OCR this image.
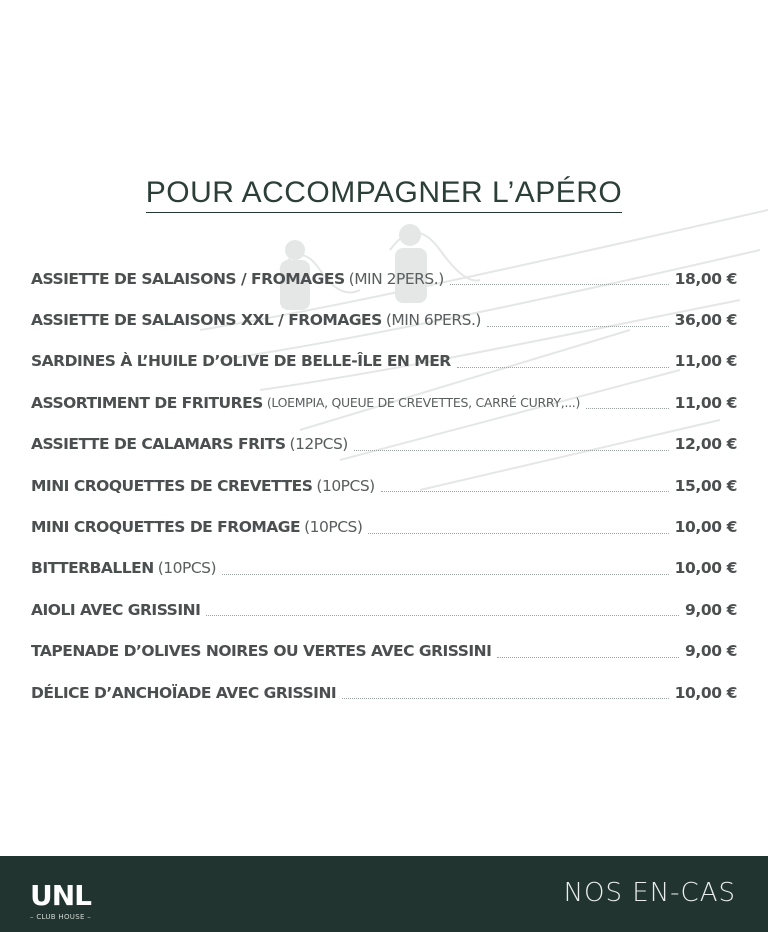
POUR ACCOMPAGNER L’APÉRO
ASSIETTE DE SALAISONS / FROMAGES (MIN 2PERS.)	18,00 €
ASSIETTE DE SALAISONS XXL / FROMAGES (MIN 6PERS.)	36,00 €
SARDINES À L’HUILE D’OLIVE DE BELLE-ÎLE EN MER	11,00 €
ASSORTIMENT DE FRITURES (LOEMPIA, QUEUE DE CREVETTES, CARRÉ CURRY,...)	11,00 €
ASSIETTE DE CALAMARS FRITS (12PCS)	12,00 €
MINI CROQUETTES DE CREVETTES (10PCS)	15,00 €
MINI CROQUETTES DE FROMAGE (10PCS)	10,00 €
BITTERBALLEN (10PCS)	10,00 €
AIOLI AVEC GRISSINI	9,00 €
TAPENADE D’OLIVES NOIRES OU VERTES AVEC GRISSINI	9,00 €
DÉLICE D’ANCHOÏADE AVEC GRISSINI	10,00 €
UNL
– CLUB HOUSE –
NOS EN-CAS
